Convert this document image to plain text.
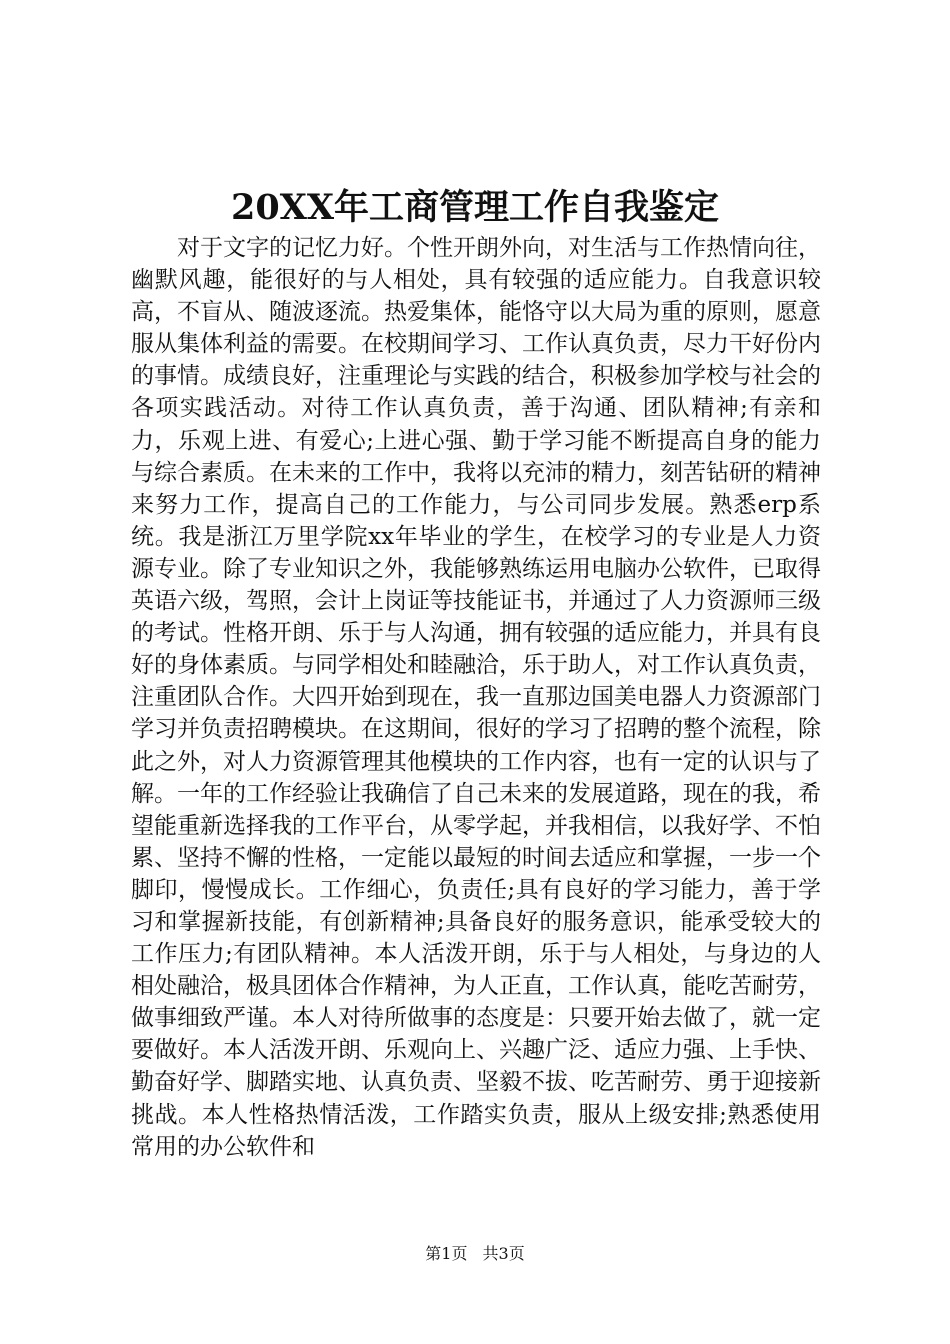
20XX年工商管理工作自我鉴定

对于文字的记忆力好。个性开朗外向，对生活与工作热情向往，幽默风趣，能很好的与人相处，具有较强的适应能力。自我意识较高，不盲从、随波逐流。热爱集体，能恪守以大局为重的原则，愿意服从集体利益的需要。在校期间学习、工作认真负责，尽力干好份内的事情。成绩良好，注重理论与实践的结合，积极参加学校与社会的各项实践活动。对待工作认真负责，善于沟通、团队精神;有亲和力，乐观上进、有爱心;上进心强、勤于学习能不断提高自身的能力与综合素质。在未来的工作中，我将以充沛的精力，刻苦钻研的精神来努力工作，提高自己的工作能力，与公司同步发展。熟悉erp系统。我是浙江万里学院xx年毕业的学生，在校学习的专业是人力资源专业。除了专业知识之外，我能够熟练运用电脑办公软件，已取得英语六级，驾照，会计上岗证等技能证书，并通过了人力资源师三级的考试。性格开朗、乐于与人沟通，拥有较强的适应能力，并具有良好的身体素质。与同学相处和睦融洽，乐于助人，对工作认真负责，注重团队合作。大四开始到现在，我一直那边国美电器人力资源部门学习并负责招聘模块。在这期间，很好的学习了招聘的整个流程，除此之外，对人力资源管理其他模块的工作内容，也有一定的认识与了解。一年的工作经验让我确信了自己未来的发展道路，现在的我，希望能重新选择我的工作平台，从零学起，并我相信，以我好学、不怕累、坚持不懈的性格，一定能以最短的时间去适应和掌握，一步一个脚印，慢慢成长。工作细心，负责任;具有良好的学习能力，善于学习和掌握新技能，有创新精神;具备良好的服务意识，能承受较大的工作压力;有团队精神。本人活泼开朗，乐于与人相处，与身边的人相处融洽，极具团体合作精神，为人正直，工作认真，能吃苦耐劳，做事细致严谨。本人对待所做事的态度是：只要开始去做了，就一定要做好。本人活泼开朗、乐观向上、兴趣广泛、适应力强、上手快、勤奋好学、脚踏实地、认真负责、坚毅不拔、吃苦耐劳、勇于迎接新挑战。本人性格热情活泼，工作踏实负责，服从上级安排;熟悉使用常用的办公软件和

第1页 共3页
